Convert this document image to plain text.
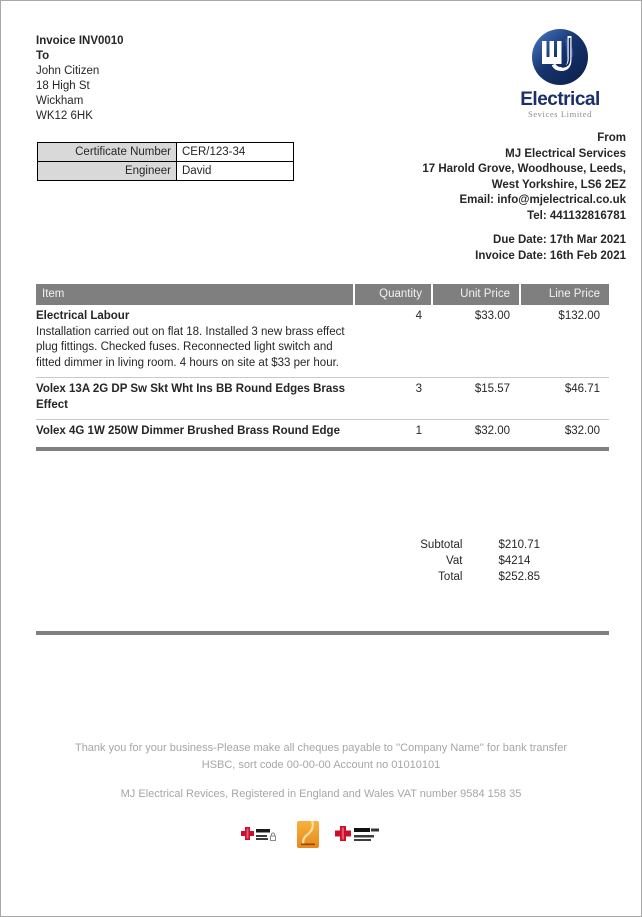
Invoice INV0010
To
John Citizen
18 High St
Wickham
WK12 6HK
Electrical
Sevices Limited
Certificate Number CER/123-34
Engineer David
From
MJ Electrical Services
17 Harold Grove, Woodhouse, Leeds,
West Yorkshire, LS6 2EZ
Email: info@mjelectrical.co.uk
Tel: 441132816781
Due Date: 17th Mar 2021
Invoice Date: 16th Feb 2021
Item	Quantity	Unit Price	Line Price
Electrical Labour
Installation carried out on flat 18. Installed 3 new brass effect plug fittings. Checked fuses. Reconnected light switch and fitted dimmer in living room. 4 hours on site at $33 per hour.
4	$33.00	$132.00
Volex 13A 2G DP Sw Skt Wht Ins BB Round Edges Brass Effect
3	$15.57	$46.71
Volex 4G 1W 250W Dimmer Brushed Brass Round Edge	1	$32.00	$32.00
Subtotal	$210.71
Vat	$4214
Total	$252.85
Thank you for your business-Please make all cheques payable to ''Company Name'' for bank transfer
HSBC, sort code 00-00-00 Account no 01010101
MJ Electrical Revices, Registered in England and Wales VAT number 9584 158 35
